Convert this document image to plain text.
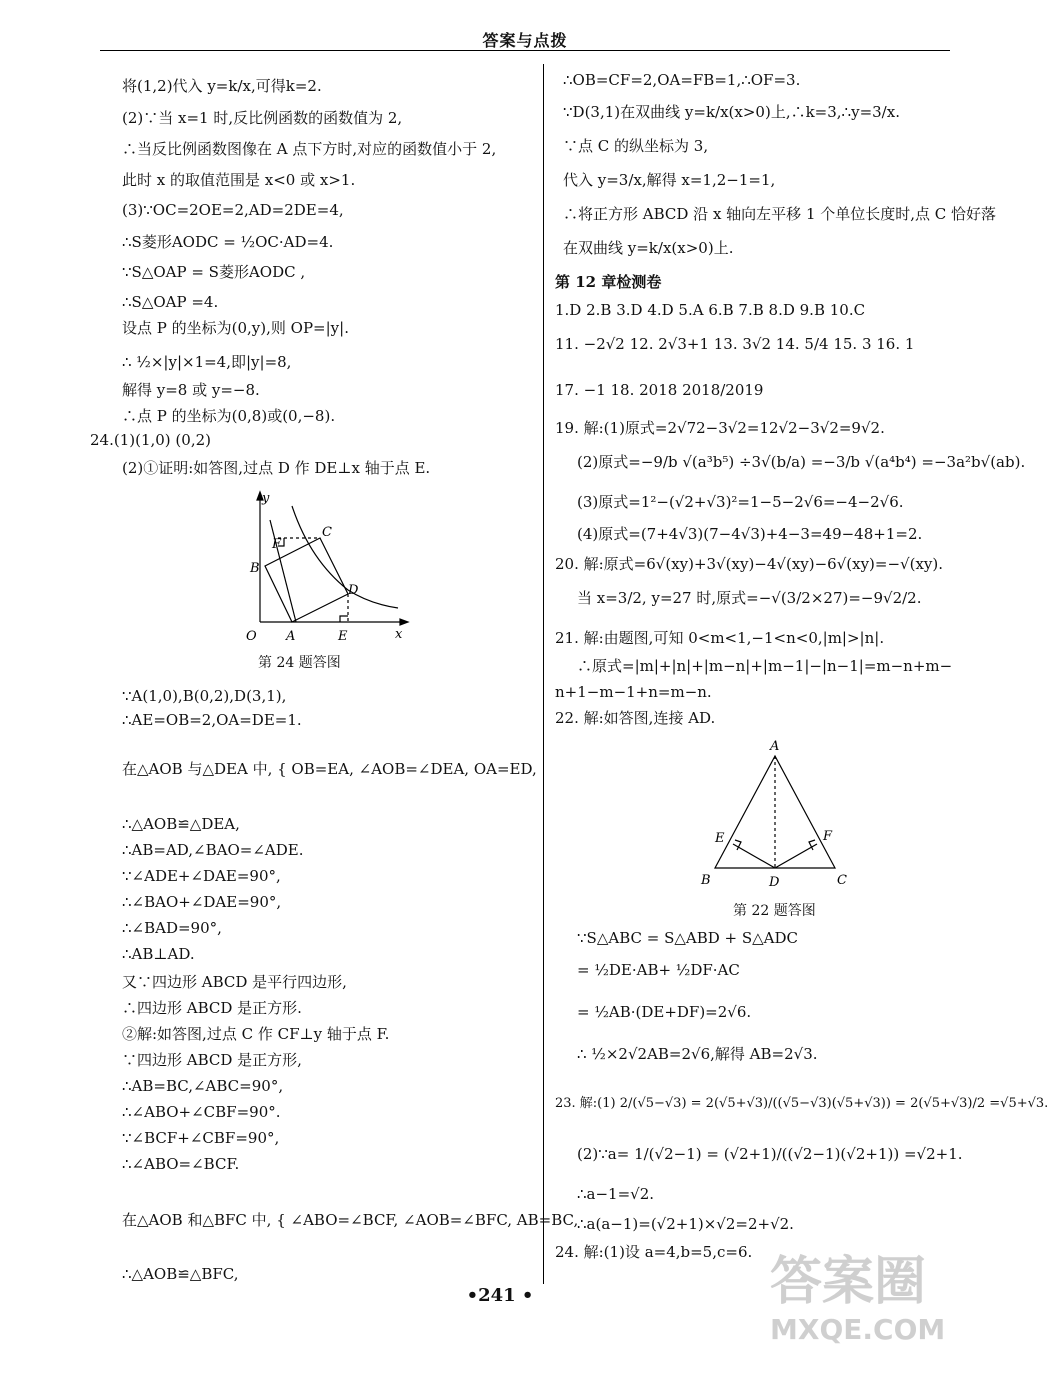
答案与点拨
将(1,2)代入 y=k/x,可得k=2.
(2)∵当 x=1 时,反比例函数的函数值为 2,
∴当反比例函数图像在 A 点下方时,对应的函数值小于 2,
此时 x 的取值范围是 x<0 或 x>1.
(3)∵OC=2OE=2,AD=2DE=4,
∴S菱形AODC = ½OC·AD=4.
∵S△OAP = S菱形AODC ,
∴S△OAP =4.
设点 P 的坐标为(0,y),则 OP=|y|.
∴ ½×|y|×1=4,即|y|=8,
解得 y=8 或 y=−8.
∴点 P 的坐标为(0,8)或(0,−8).
24.(1)(1,0) (0,2)
(2)①证明:如答图,过点 D 作 DE⊥x 轴于点 E.
y
x
O A	E
B
C
D
F
第 24 题答图
∵A(1,0),B(0,2),D(3,1),
∴AE=OB=2,OA=DE=1.
在△AOB 与△DEA 中, { OB=EA, ∠AOB=∠DEA, OA=ED,
∴△AOB≌△DEA,
∴AB=AD,∠BAO=∠ADE.
∵∠ADE+∠DAE=90°,
∴∠BAO+∠DAE=90°,
∴∠BAD=90°,
∴AB⊥AD.
又∵四边形 ABCD 是平行四边形,
∴四边形 ABCD 是正方形.
②解:如答图,过点 C 作 CF⊥y 轴于点 F.
∵四边形 ABCD 是正方形,
∴AB=BC,∠ABC=90°,
∴∠ABO+∠CBF=90°.
∵∠BCF+∠CBF=90°,
∴∠ABO=∠BCF.
在△AOB 和△BFC 中, { ∠ABO=∠BCF, ∠AOB=∠BFC, AB=BC,
∴△AOB≌△BFC,
∴OB=CF=2,OA=FB=1,∴OF=3.
∵D(3,1)在双曲线 y=k/x(x>0)上,∴k=3,∴y=3/x.
∵点 C 的纵坐标为 3,
代入 y=3/x,解得 x=1,2−1=1,
∴将正方形 ABCD 沿 x 轴向左平移 1 个单位长度时,点 C 恰好落
在双曲线 y=k/x(x>0)上.
第 12 章检测卷
1.D 2.B 3.D 4.D 5.A 6.B 7.B 8.D 9.B 10.C
11. −2√2 12. 2√3+1 13. 3√2 14. 5/4 15. 3 16. 1
17. −1 18. 2018 2018/2019
19. 解:(1)原式=2√72−3√2=12√2−3√2=9√2.
(2)原式=−9/b √(a³b⁵) ÷3√(b/a) =−3/b √(a⁴b⁴) =−3a²b√(ab).
(3)原式=1²−(√2+√3)²=1−5−2√6=−4−2√6.
(4)原式=(7+4√3)(7−4√3)+4−3=49−48+1=2.
20. 解:原式=6√(xy)+3√(xy)−4√(xy)−6√(xy)=−√(xy).
当 x=3/2, y=27 时,原式=−√(3/2×27)=−9√2/2.
21. 解:由题图,可知 0<m<1,−1<n<0,|m|>|n|.
∴原式=|m|+|n|+|m−n|+|m−1|−|n−1|=m−n+m−
n+1−m−1+n=m−n.
22. 解:如答图,连接 AD.
A
B	D	C
E	F
第 22 题答图
∵S△ABC = S△ABD + S△ADC
= ½DE·AB+ ½DF·AC
= ½AB·(DE+DF)=2√6.
∴ ½×2√2AB=2√6,解得 AB=2√3.
23. 解:(1) 2/(√5−√3) = 2(√5+√3)/((√5−√3)(√5+√3)) = 2(√5+√3)/2 =√5+√3.
(2)∵a= 1/(√2−1) = (√2+1)/((√2−1)(√2+1)) =√2+1.
∴a−1=√2.
∴a(a−1)=(√2+1)×√2=2+√2.
24. 解:(1)设 a=4,b=5,c=6.
•241 •	答案圈
MXQE.COM
